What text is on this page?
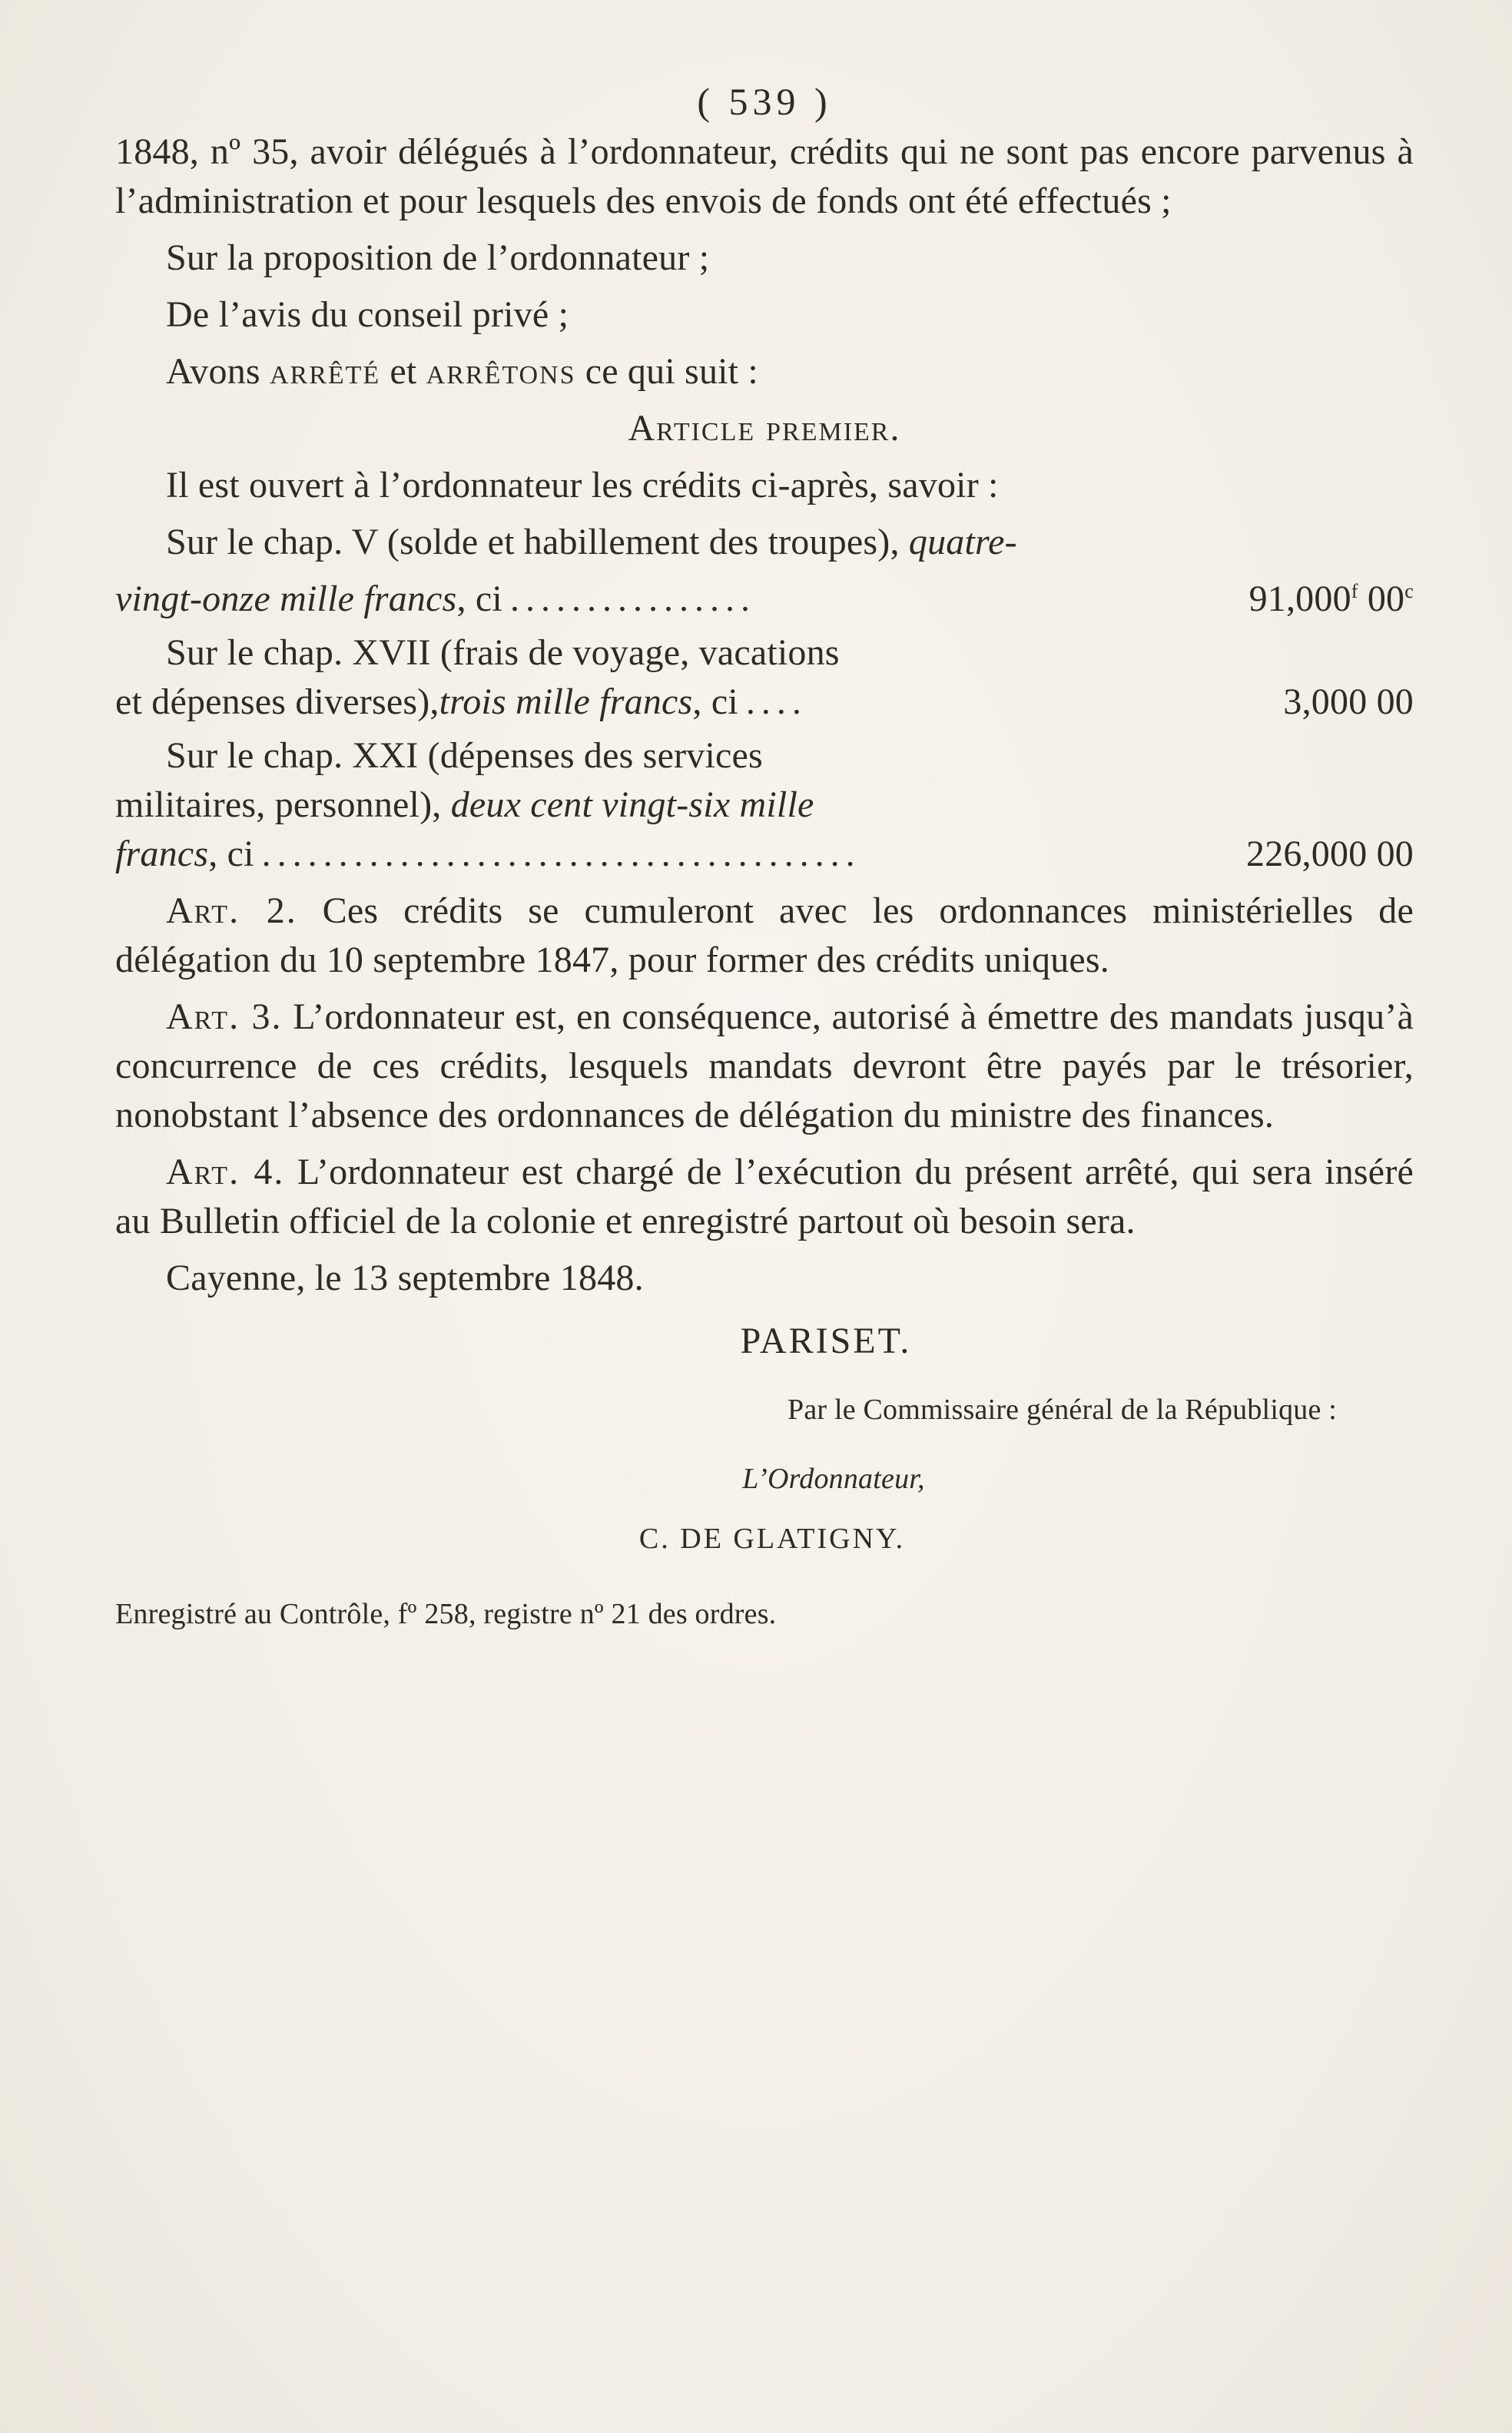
( 539 )

1848, nº 35, avoir délégués à l’ordonnateur, crédits qui ne sont pas encore parvenus à l’administration et pour lesquels des envois de fonds ont été effectués ;

Sur la proposition de l’ordonnateur ;

De l’avis du conseil privé ;

Avons arrêté et arrêtons ce qui suit :

Article premier.

Il est ouvert à l’ordonnateur les crédits ci-après, savoir :

Sur le chap. V (solde et habillement des troupes), quatre-
vingt-onze mille francs , ci ................	91,000$^f$ 00$^c$
Sur le chap. XVII (frais de voyage, vacations
et dépenses diverses), trois mille francs , ci ....	3,000 00
Sur le chap. XXI (dépenses des services
militaires, personnel), deux cent vingt-six mille
francs , ci .......................................	226,000 00

Art. 2. Ces crédits se cumuleront avec les ordonnances ministérielles de délégation du 10 septembre 1847, pour former des crédits uniques.

Art. 3. L’ordonnateur est, en conséquence, autorisé à émettre des mandats jusqu’à concurrence de ces crédits, lesquels mandats devront être payés par le trésorier, nonobstant l’absence des ordonnances de délégation du ministre des finances.

Art. 4. L’ordonnateur est chargé de l’exécution du présent arrêté, qui sera inséré au Bulletin officiel de la colonie et enregistré partout où besoin sera.

Cayenne, le 13 septembre 1848.

PARISET.
Par le Commissaire général de la République :
L’Ordonnateur,
C. DE GLATIGNY.
Enregistré au Contrôle, fº 258, registre nº 21 des ordres.
